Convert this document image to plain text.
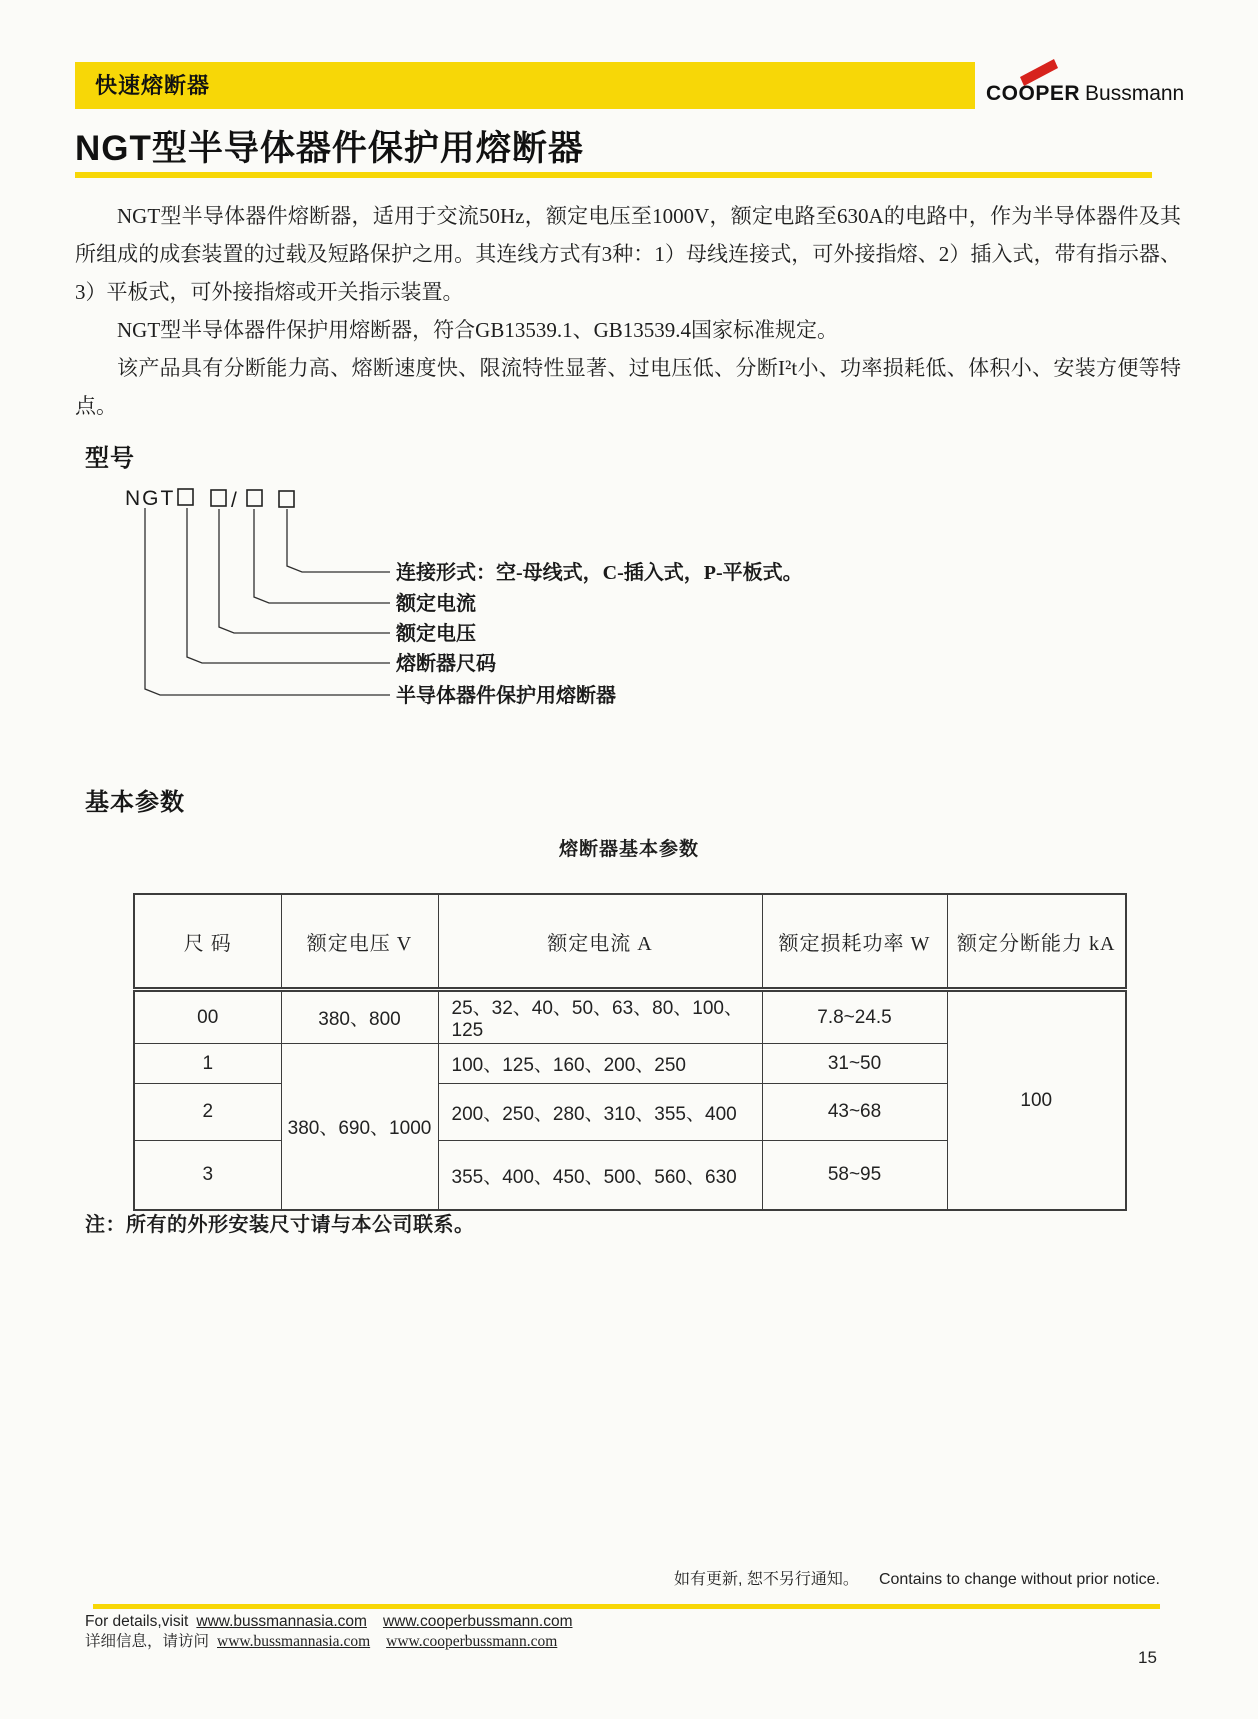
快速熔断器	COOPER Bussmann
NGT型半导体器件保护用熔断器

NGT型半导体器件熔断器，适用于交流50Hz，额定电压至1000V，额定电路至630A的电路中，作为半导体器件及其所组成的成套装置的过载及短路保护之用。其连线方式有3种：1）母线连接式，可外接指熔、2）插入式，带有指示器、3）平板式，可外接指熔或开关指示装置。

NGT型半导体器件保护用熔断器，符合GB13539.1、GB13539.4国家标准规定。

该产品具有分断能力高、熔断速度快、限流特性显著、过电压低、分断I²t小、功率损耗低、体积小、安装方便等特点。

型号
NGT	/
连接形式：空-母线式，C-插入式，P-平板式。
额定电流
额定电压
熔断器尺码
半导体器件保护用熔断器
基本参数

熔断器基本参数

尺 码	额定电压 V	额定电流 A	额定损耗功率 W	额定分断能力 kA
00	380、800	25、32、40、50、63、80、100、125	7.8~24.5	100
1	380、690、1000	100、125、160、200、250	31~50	
2		200、250、280、310、355、400	43~68	
3		355、400、450、500、560、630	58~95	

注：所有的外形安装尺寸请与本公司联系。

如有更新, 恕不另行通知。 Contains to change without prior notice.
For details,visit www.bussmannasia.com www.cooperbussmann.com
详细信息，请访问 www.bussmannasia.com www.cooperbussmann.com
15
